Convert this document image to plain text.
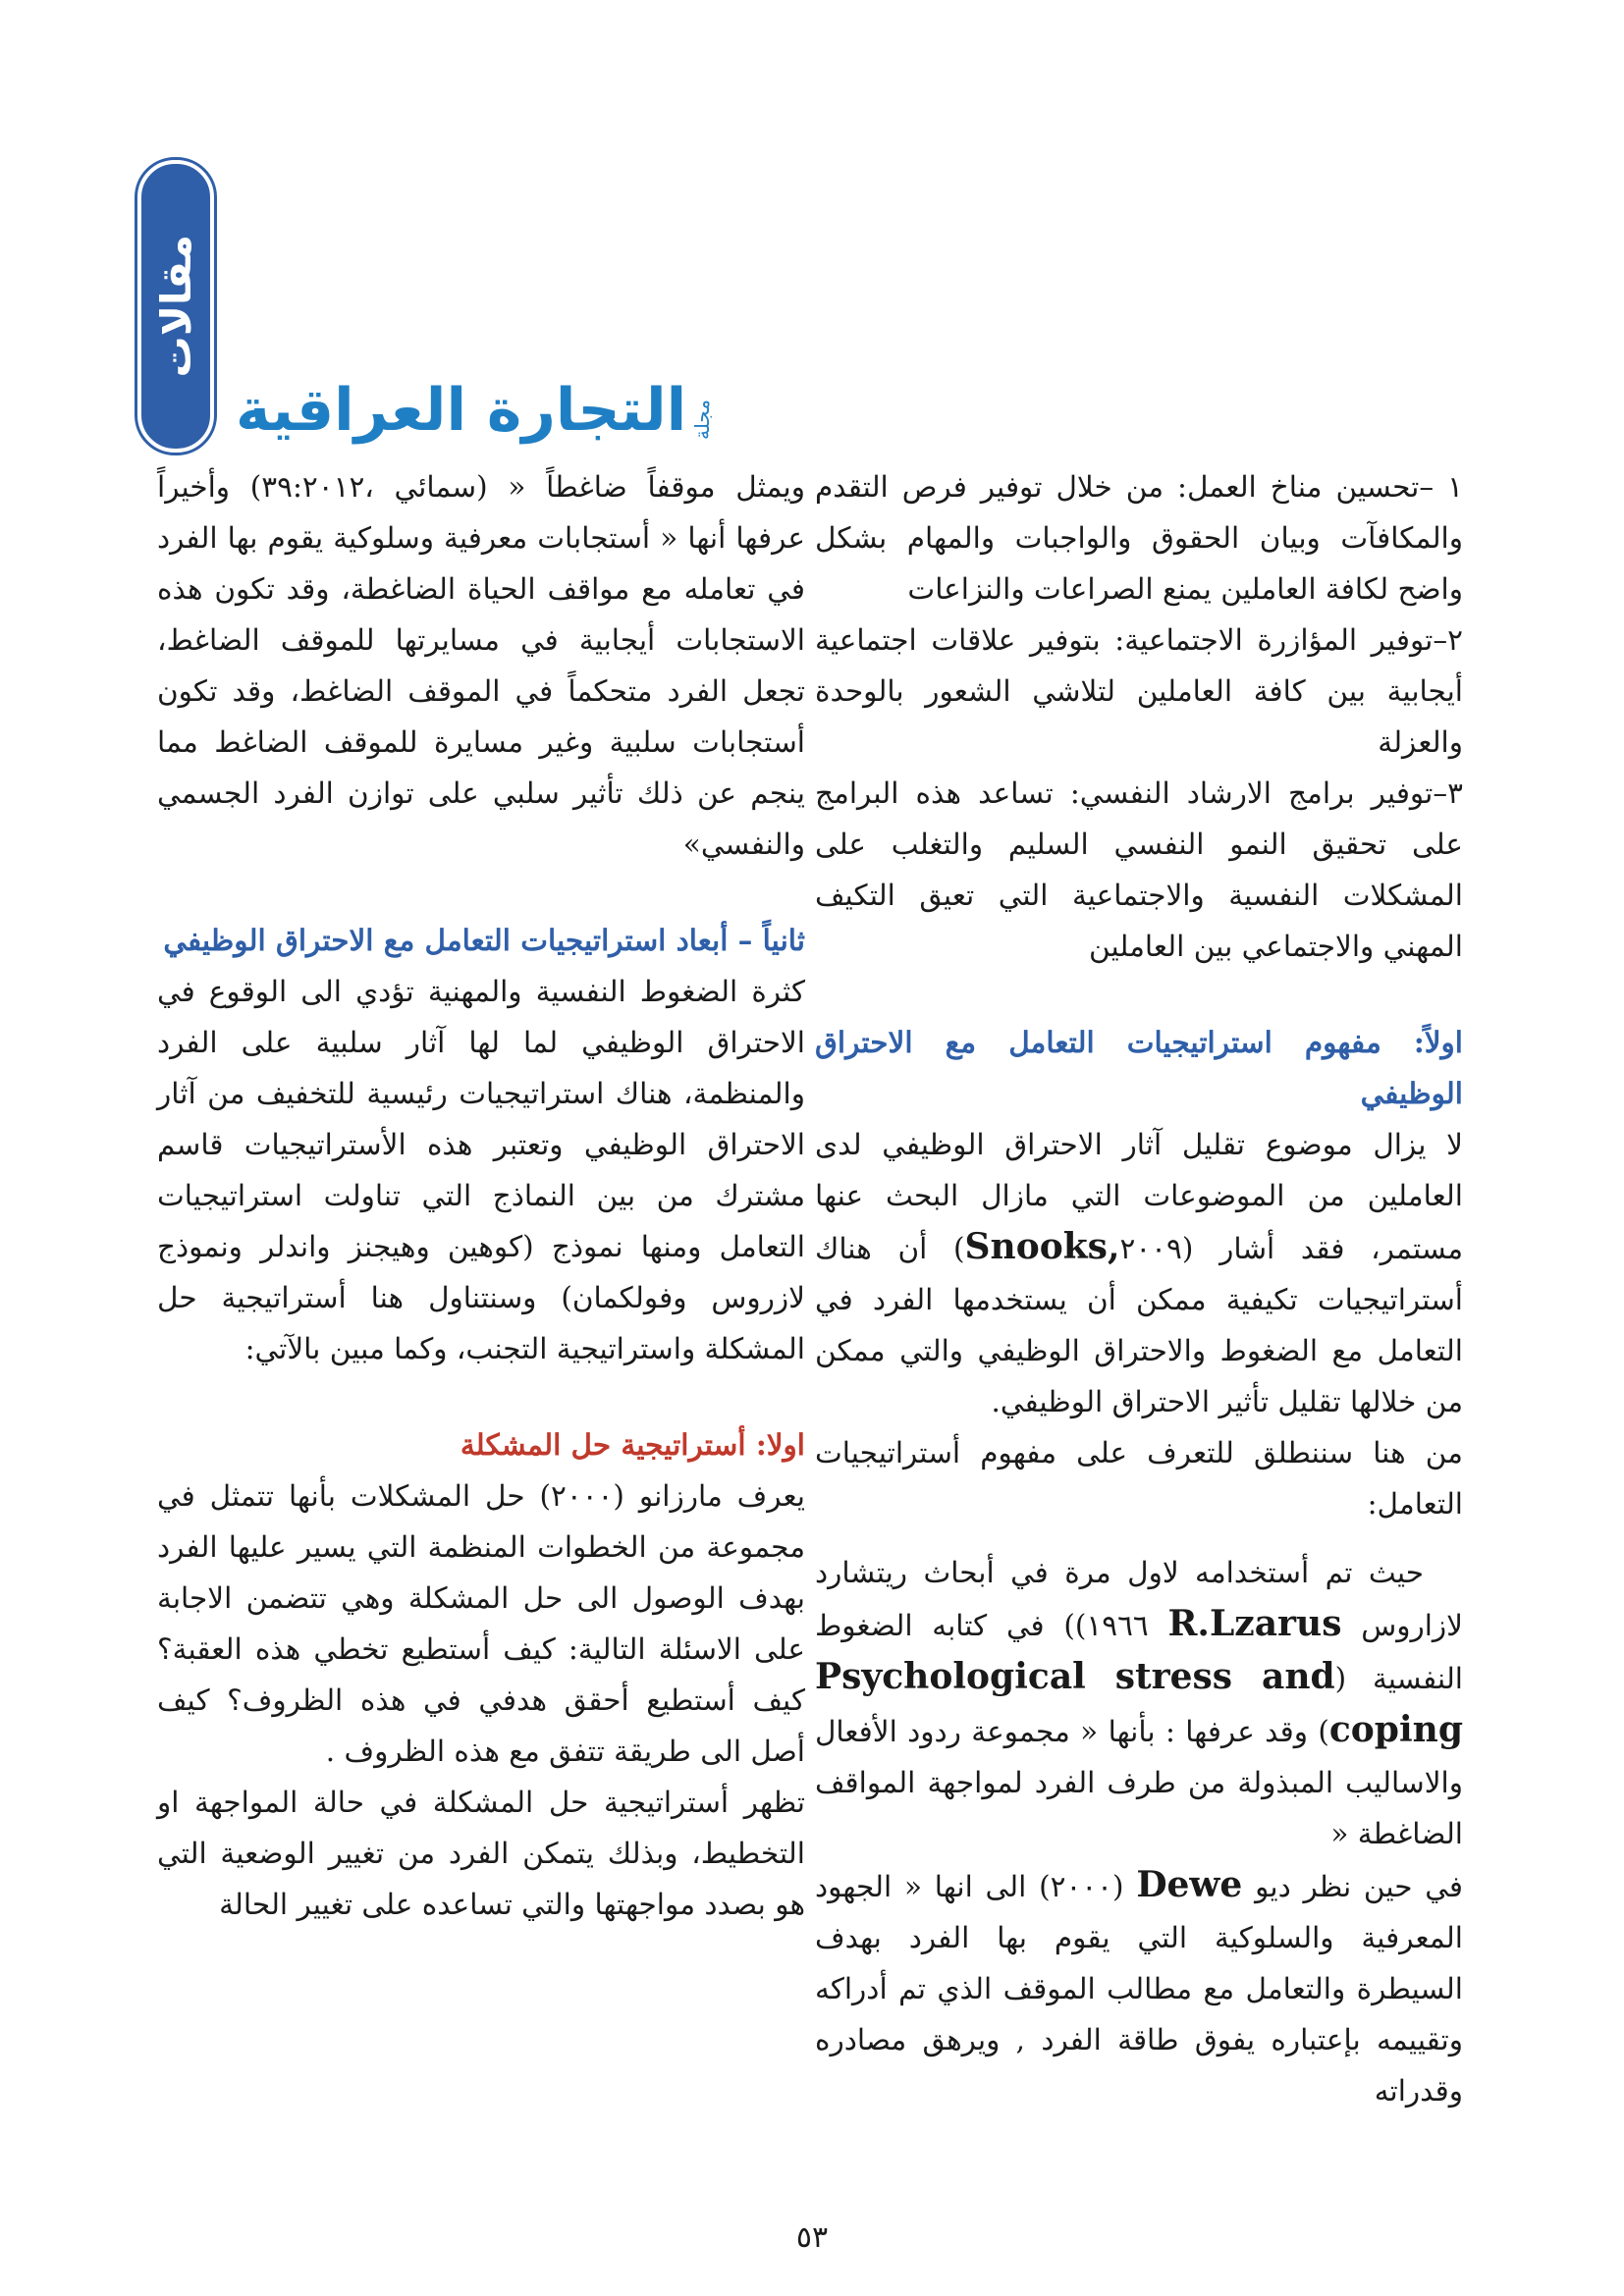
مقالات
التجارة العراقية مجلة

١ –تحسين مناخ العمل: من خلال توفير فرص التقدم والمكافآت وبيان الحقوق والواجبات والمهام بشكل واضح لكافة العاملين يمنع الصراعات والنزاعات

٢–توفير المؤازرة الاجتماعية: بتوفير علاقات اجتماعية أيجابية بين كافة العاملين لتلاشي الشعور بالوحدة والعزلة

٣–توفير برامج الارشاد النفسي: تساعد هذه البرامج على تحقيق النمو النفسي السليم والتغلب على المشكلات النفسية والاجتماعية التي تعيق التكيف المهني والاجتماعي بين العاملين

اولاً: مفهوم استراتيجيات التعامل مع الاحتراق الوظيفي

لا يزال موضوع تقليل آثار الاحتراق الوظيفي لدى العاملين من الموضوعات التي مازال البحث عنها مستمر، فقد أشار (Snooks,٢٠٠٩) أن هناك أستراتيجيات تكيفية ممكن أن يستخدمها الفرد في التعامل مع الضغوط والاحتراق الوظيفي والتي ممكن من خلالها تقليل تأثير الاحتراق الوظيفي.

من هنا سننطلق للتعرف على مفهوم أستراتيجيات التعامل:

حيث تم أستخدامه لاول مرة في أبحاث ريتشارد لازاروس R.Lzarus ١٩٦٦)) في كتابه الضغوط النفسية (Psychological stress and coping) وقد عرفها : بأنها « مجموعة ردود الأفعال والاساليب المبذولة من طرف الفرد لمواجهة المواقف الضاغطة «

في حين نظر ديو Dewe (٢٠٠٠) الى انها « الجهود المعرفية والسلوكية التي يقوم بها الفرد بهدف السيطرة والتعامل مع مطالب الموقف الذي تم أدراكه وتقييمه بإعتباره يفوق طاقة الفرد , ويرهق مصادره وقدراته

ويمثل موقفاً ضاغطاً « (سمائي ،٣٩:٢٠١٢) وأخيراً عرفها أنها « أستجابات معرفية وسلوكية يقوم بها الفرد في تعامله مع مواقف الحياة الضاغطة، وقد تكون هذه الاستجابات أيجابية في مسايرتها للموقف الضاغط، تجعل الفرد متحكماً في الموقف الضاغط، وقد تكون أستجابات سلبية وغير مسايرة للموقف الضاغط مما ينجم عن ذلك تأثير سلبي على توازن الفرد الجسمي والنفسي»

ثانياً – أبعاد استراتيجيات التعامل مع الاحتراق الوظيفي

كثرة الضغوط النفسية والمهنية تؤدي الى الوقوع في الاحتراق الوظيفي لما لها آثار سلبية على الفرد والمنظمة، هناك استراتيجيات رئيسية للتخفيف من آثار الاحتراق الوظيفي وتعتبر هذه الأستراتيجيات قاسم مشترك من بين النماذج التي تناولت استراتيجيات التعامل ومنها نموذج (كوهين وهيجنز واندلر ونموذج لازروس وفولكمان) وسنتناول هنا أستراتيجية حل المشكلة واستراتيجية التجنب، وكما مبين بالآتي:

اولا: أستراتيجية حل المشكلة

يعرف مارزانو (٢٠٠٠) حل المشكلات بأنها تتمثل في مجموعة من الخطوات المنظمة التي يسير عليها الفرد بهدف الوصول الى حل المشكلة وهي تتضمن الاجابة على الاسئلة التالية: كيف أستطيع تخطي هذه العقبة؟ كيف أستطيع أحقق هدفي في هذه الظروف؟ كيف أصل الى طريقة تتفق مع هذه الظروف .

تظهر أستراتيجية حل المشكلة في حالة المواجهة او التخطيط، وبذلك يتمكن الفرد من تغيير الوضعية التي هو بصدد مواجهتها والتي تساعده على تغيير الحالة

٥٣
